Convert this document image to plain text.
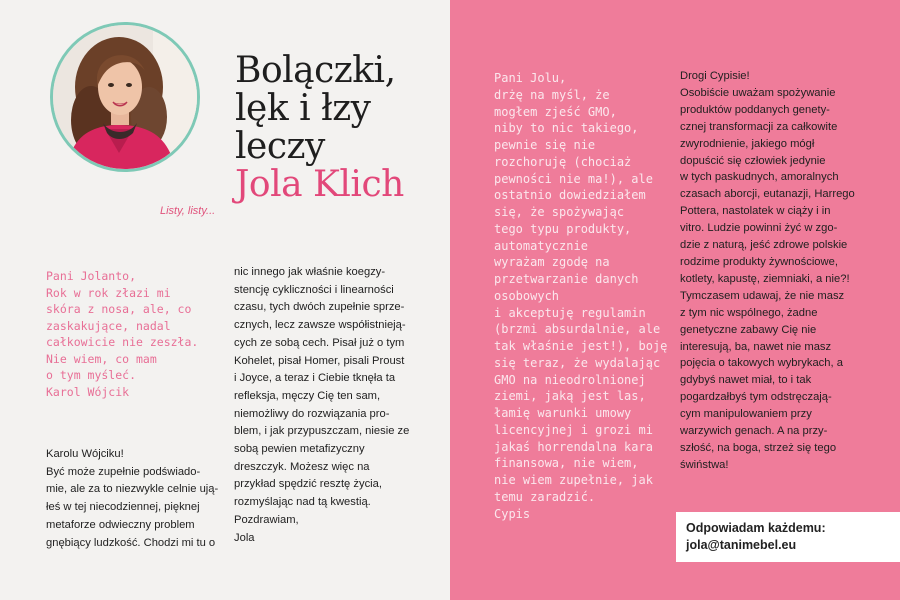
Listy, listy...
Bolączki,
lęk i łzy
leczy
Jola Klich
Pani Jolanto,
Rok w rok złazi mi
skóra z nosa, ale, co
zaskakujące, nadal
całkowicie nie zeszła.
Nie wiem, co mam
o tym myśleć.
Karol Wójcik
Karolu Wójciku!
Być może zupełnie podświado-
mie, ale za to niezwykle celnie ują-
łeś w tej niecodziennej, pięknej
metaforze odwieczny problem
gnębiący ludzkość. Chodzi mi tu o
nic innego jak właśnie koegzy-
stencję cykliczności i linearności
czasu, tych dwóch zupełnie sprze-
cznych, lecz zawsze współistnieją-
cych ze sobą cech. Pisał już o tym
Kohelet, pisał Homer, pisali Proust
i Joyce, a teraz i Ciebie tknęła ta
refleksja, męczy Cię ten sam,
niemożliwy do rozwiązania pro-
blem, i jak przypuszczam, niesie ze
sobą pewien metafizyczny
dreszczyk. Możesz więc na
przykład spędzić resztę życia,
rozmyślając nad tą kwestią.
Pozdrawiam,
Jola
Pani Jolu,
drżę na myśl, że
mogłem zjeść GMO,
niby to nic takiego,
pewnie się nie
rozchoruję (chociaż
pewności nie ma!), ale
ostatnio dowiedziałem
się, że spożywając
tego typu produkty,
automatycznie
wyrażam zgodę na
przetwarzanie danych
osobowych
i akceptuję regulamin
(brzmi absurdalnie, ale
tak właśnie jest!), boję
się teraz, że wydalając
GMO na nieodrolnionej
ziemi, jaką jest las,
łamię warunki umowy
licencyjnej i grozi mi
jakaś horrendalna kara
finansowa, nie wiem,
nie wiem zupełnie, jak
temu zaradzić.
Cypis
Drogi Cypisie!
Osobiście uważam spożywanie
produktów poddanych genety-
cznej transformacji za całkowite
zwyrodnienie, jakiego mógł
dopuścić się człowiek jedynie
w tych paskudnych, amoralnych
czasach aborcji, eutanazji, Harrego
Pottera, nastolatek w ciąży i in
vitro. Ludzie powinni żyć w zgo-
dzie z naturą, jeść zdrowe polskie
rodzime produkty żywnościowe,
kotlety, kapustę, ziemniaki, a nie?!
Tymczasem udawaj, że nie masz
z tym nic wspólnego, żadne
genetyczne zabawy Cię nie
interesują, ba, nawet nie masz
pojęcia o takowych wybrykach, a
gdybyś nawet miał, to i tak
pogardzałbyś tym odstręczają-
cym manipulowaniem przy
warzywich genach. A na przy-
szłość, na boga, strzeż się tego
świństwa!
Odpowiadam każdemu:
jola@tanimebel.eu
